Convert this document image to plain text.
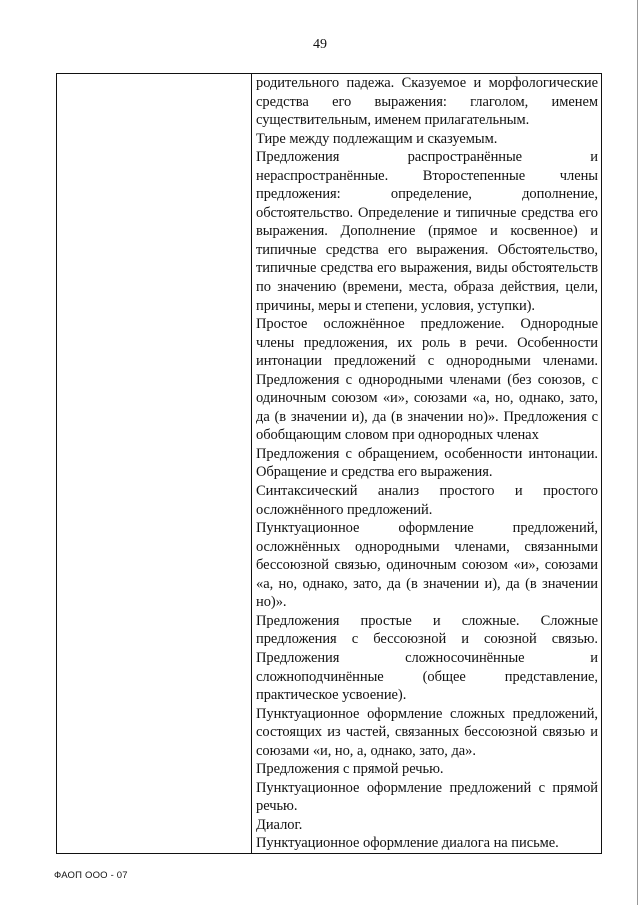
49

родительного падежа. Сказуемое и морфологические средства его выражения: глаголом, именем существительным, именем прилагательным.

Тире между подлежащим и сказуемым.

Предложения распространённые и нераспространённые. Второстепенные члены предложения: определение, дополнение, обстоятельство. Определение и типичные средства его выражения. Дополнение (прямое и косвенное) и типичные средства его выражения. Обстоятельство, типичные средства его выражения, виды обстоятельств по значению (времени, места, образа действия, цели, причины, меры и степени, условия, уступки).

Простое осложнённое предложение. Однородные члены предложения, их роль в речи. Особенности интонации предложений с однородными членами. Предложения с однородными членами (без союзов, с одиночным союзом «и», союзами «а, но, однако, зато, да (в значении и), да (в значении но)». Предложения с обобщающим словом при однородных членах

Предложения с обращением, особенности интонации. Обращение и средства его выражения.

Синтаксический анализ простого и простого осложнённого предложений.

Пунктуационное оформление предложений, осложнённых однородными членами, связанными бессоюзной связью, одиночным союзом «и», союзами «а, но, однако, зато, да (в значении и), да (в значении но)».

Предложения простые и сложные. Сложные предложения с бессоюзной и союзной связью. Предложения сложносочинённые и сложноподчинённые (общее представление, практическое усвоение).

Пунктуационное оформление сложных предложений, состоящих из частей, связанных бессоюзной связью и союзами «и, но, а, однако, зато, да».

Предложения с прямой речью.

Пунктуационное оформление предложений с прямой речью.

Диалог.

Пунктуационное оформление диалога на письме.

ФАОП ООО - 07
